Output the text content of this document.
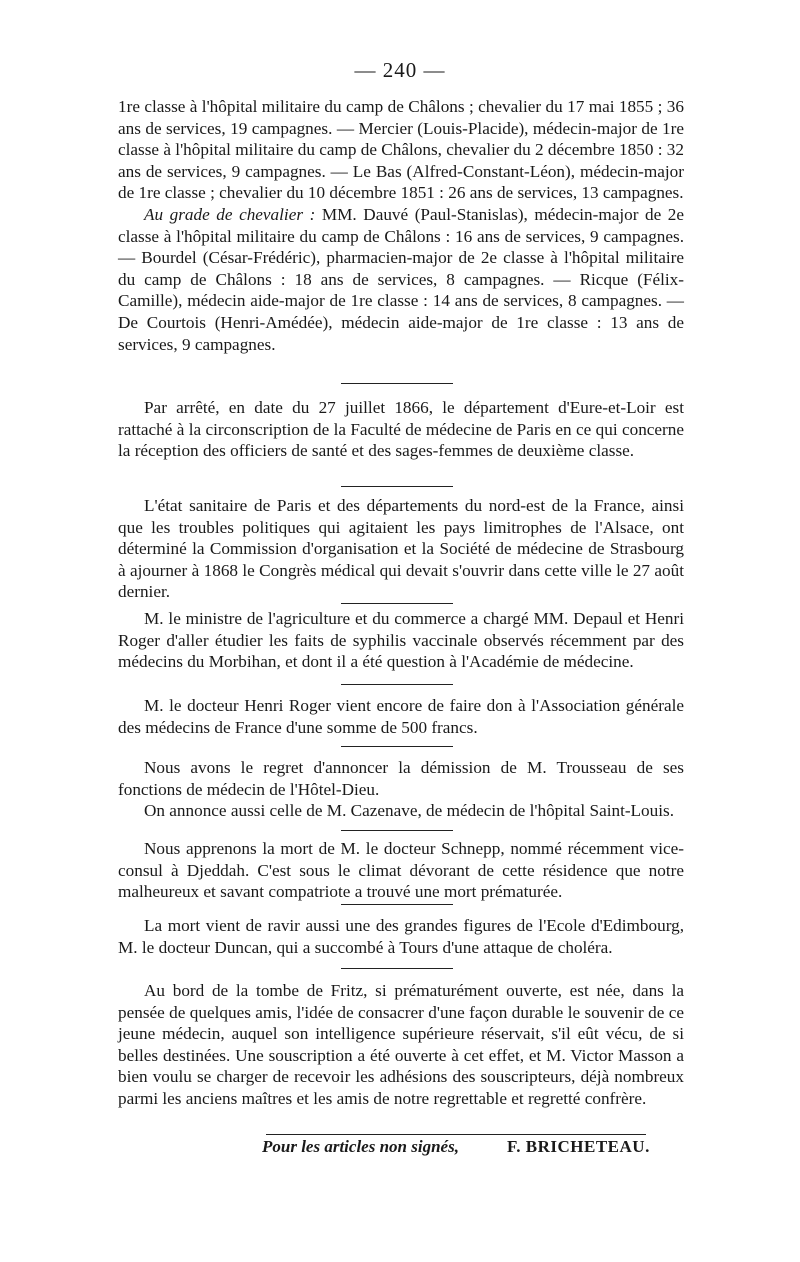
— 240 —

1re classe à l'hôpital militaire du camp de Châlons ; chevalier du 17 mai 1855 ; 36 ans de services, 19 campagnes. — Mercier (Louis-Placide), médecin-major de 1re classe à l'hôpital militaire du camp de Châlons, chevalier du 2 décembre 1850 : 32 ans de services, 9 campagnes. — Le Bas (Alfred-Constant-Léon), médecin-major de 1re classe ; chevalier du 10 décembre 1851 : 26 ans de services, 13 campagnes.

Au grade de chevalier : MM. Dauvé (Paul-Stanislas), médecin-major de 2e classe à l'hôpital militaire du camp de Châlons : 16 ans de services, 9 campagnes. — Bourdel (César-Frédéric), pharmacien-major de 2e classe à l'hôpital militaire du camp de Châlons : 18 ans de services, 8 campagnes. — Ricque (Félix-Camille), médecin aide-major de 1re classe : 14 ans de services, 8 campagnes. — De Courtois (Henri-Amédée), médecin aide-major de 1re classe : 13 ans de services, 9 campagnes.

Par arrêté, en date du 27 juillet 1866, le département d'Eure-et-Loir est rattaché à la circonscription de la Faculté de médecine de Paris en ce qui concerne la réception des officiers de santé et des sages-femmes de deuxième classe.

L'état sanitaire de Paris et des départements du nord-est de la France, ainsi que les troubles politiques qui agitaient les pays limitrophes de l'Alsace, ont déterminé la Commission d'organisation et la Société de médecine de Strasbourg à ajourner à 1868 le Congrès médical qui devait s'ouvrir dans cette ville le 27 août dernier.

M. le ministre de l'agriculture et du commerce a chargé MM. Depaul et Henri Roger d'aller étudier les faits de syphilis vaccinale observés récemment par des médecins du Morbihan, et dont il a été question à l'Académie de médecine.

M. le docteur Henri Roger vient encore de faire don à l'Association générale des médecins de France d'une somme de 500 francs.

Nous avons le regret d'annoncer la démission de M. Trousseau de ses fonctions de médecin de l'Hôtel-Dieu.

On annonce aussi celle de M. Cazenave, de médecin de l'hôpital Saint-Louis.

Nous apprenons la mort de M. le docteur Schnepp, nommé récemment vice-consul à Djeddah. C'est sous le climat dévorant de cette résidence que notre malheureux et savant compatriote a trouvé une mort prématurée.

La mort vient de ravir aussi une des grandes figures de l'Ecole d'Edimbourg, M. le docteur Duncan, qui a succombé à Tours d'une attaque de choléra.

Au bord de la tombe de Fritz, si prématurément ouverte, est née, dans la pensée de quelques amis, l'idée de consacrer d'une façon durable le souvenir de ce jeune médecin, auquel son intelligence supérieure réservait, s'il eût vécu, de si belles destinées. Une souscription a été ouverte à cet effet, et M. Victor Masson a bien voulu se charger de recevoir les adhésions des souscripteurs, déjà nombreux parmi les anciens maîtres et les amis de notre regrettable et regretté confrère.

Pour les articles non signés,	F. BRICHETEAU.
